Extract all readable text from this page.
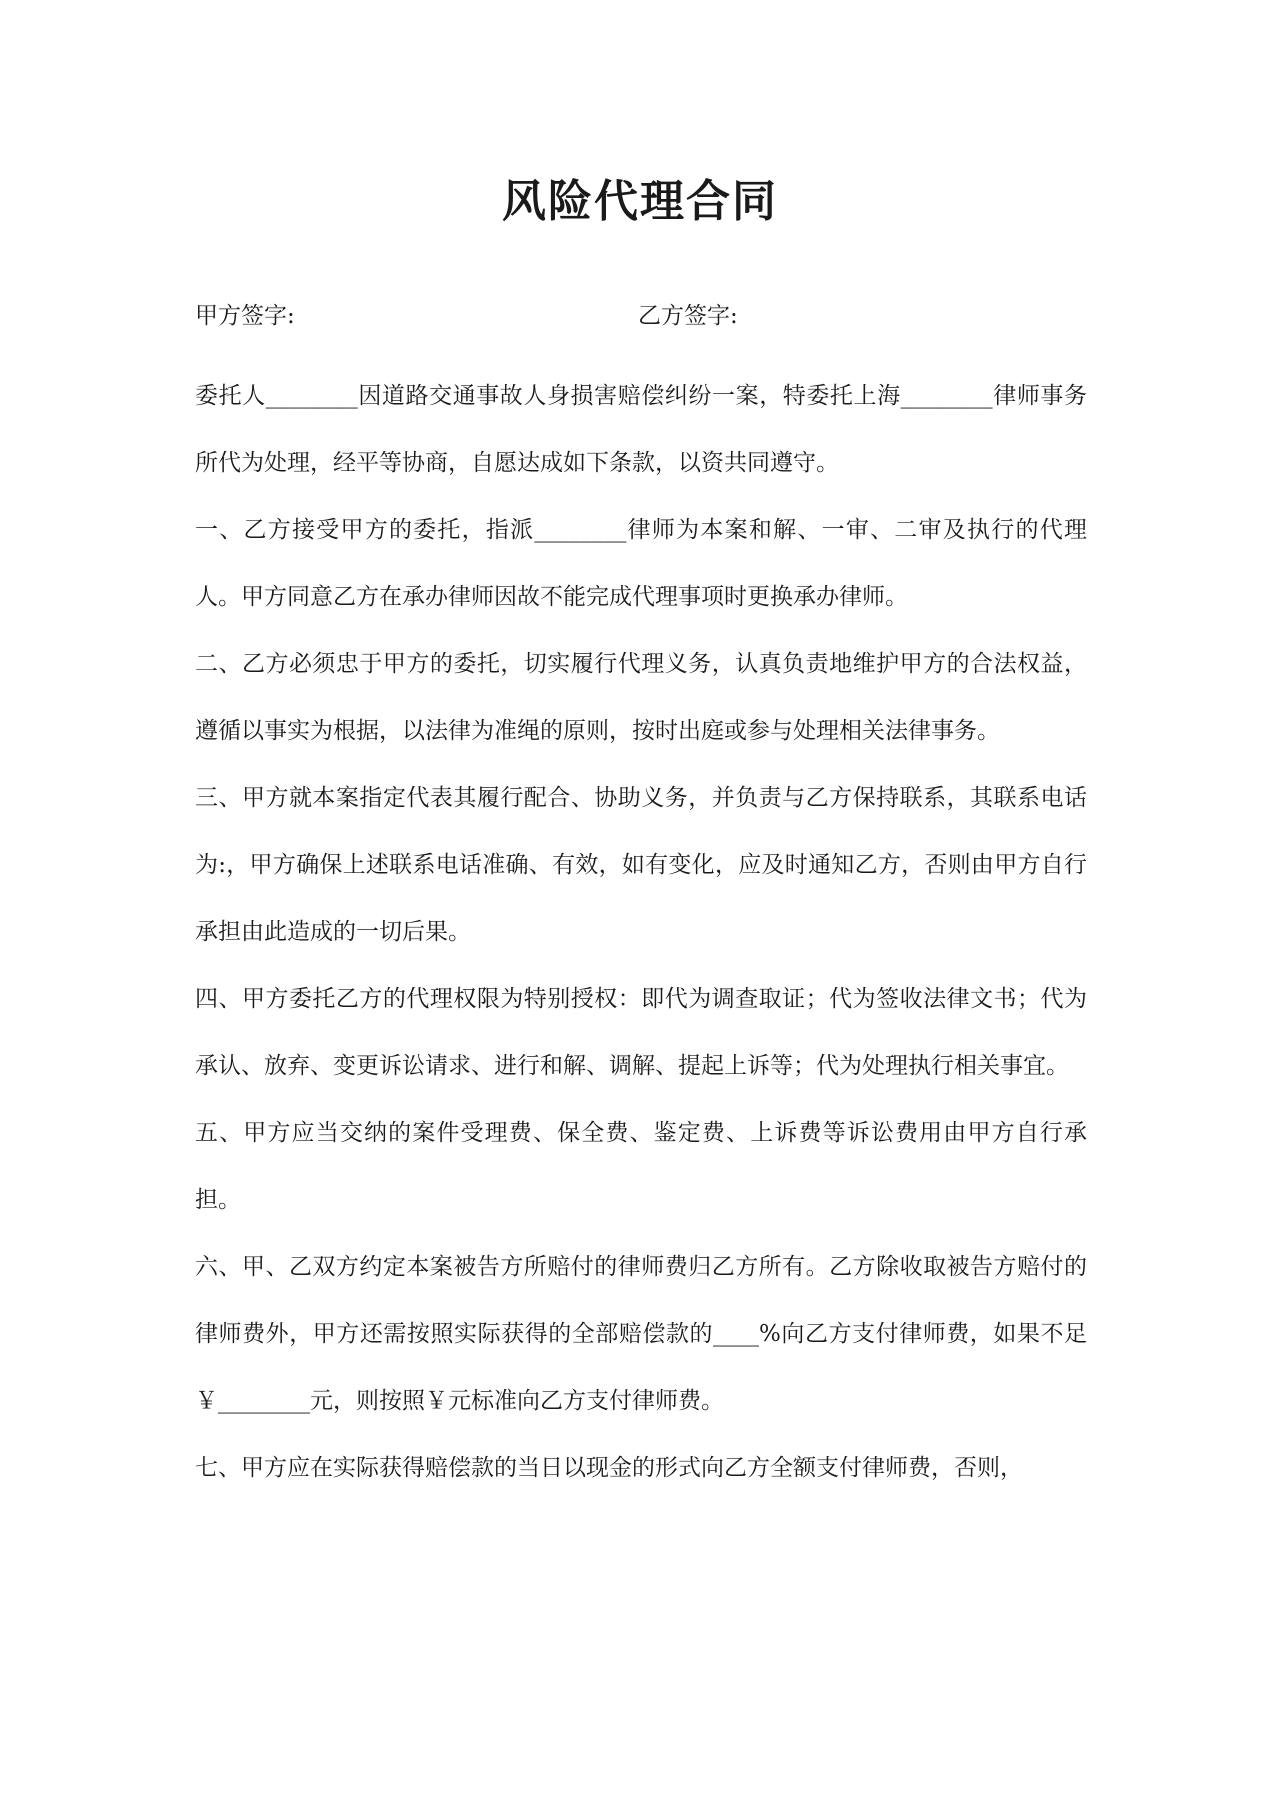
风险代理合同
甲方签字:	乙方签字:

委托人________因道路交通事故人身损害赔偿纠纷一案，特委托上海________律师事务所代为处理，经平等协商，自愿达成如下条款，以资共同遵守。

一、乙方接受甲方的委托，指派________律师为本案和解、一审、二审及执行的代理人。甲方同意乙方在承办律师因故不能完成代理事项时更换承办律师。

二、乙方必须忠于甲方的委托，切实履行代理义务，认真负责地维护甲方的合法权益，遵循以事实为根据，以法律为准绳的原则，按时出庭或参与处理相关法律事务。

三、甲方就本案指定代表其履行配合、协助义务，并负责与乙方保持联系，其联系电话为:，甲方确保上述联系电话准确、有效，如有变化，应及时通知乙方，否则由甲方自行承担由此造成的一切后果。

四、甲方委托乙方的代理权限为特别授权：即代为调查取证；代为签收法律文书；代为承认、放弃、变更诉讼请求、进行和解、调解、提起上诉等；代为处理执行相关事宜。

五、甲方应当交纳的案件受理费、保全费、鉴定费、上诉费等诉讼费用由甲方自行承担。

六、甲、乙双方约定本案被告方所赔付的律师费归乙方所有。乙方除收取被告方赔付的律师费外，甲方还需按照实际获得的全部赔偿款的____%向乙方支付律师费，如果不足￥________元，则按照￥元标准向乙方支付律师费。

七、甲方应在实际获得赔偿款的当日以现金的形式向乙方全额支付律师费，否则，
